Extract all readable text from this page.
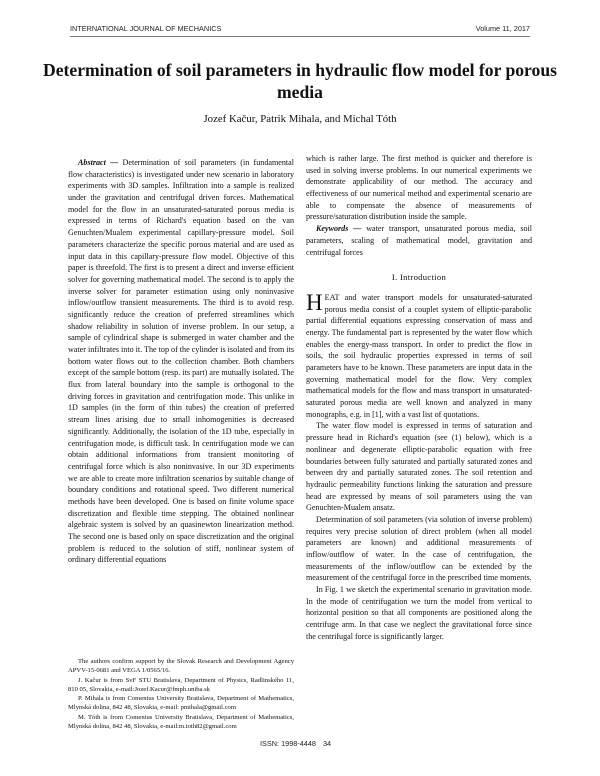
INTERNATIONAL JOURNAL OF MECHANICS	Volume 11, 2017
Determination of soil parameters in hydraulic flow model for porous media
Jozef Kačur, Patrik Mihala, and Michal Tóth

Abstract — Determination of soil parameters (in fundamental flow characteristics) is investigated under new scenario in laboratory experiments with 3D samples. Infiltration into a sample is realized under the gravitation and centrifugal driven forces. Mathematical model for the flow in an unsaturated-saturated porous media is expressed in terms of Richard's equation based on the van Genuchten/Mualem experimental capillary-pressure model. Soil parameters characterize the specific porous material and are used as input data in this capillary-pressure flow model. Objective of this paper is threefold. The first is to present a direct and inverse efficient solver for governing mathematical model. The second is to apply the inverse solver for parameter estimation using only noninvasive inflow/outflow transient measurements. The third is to avoid resp. significantly reduce the creation of preferred streamlines which shadow reliability in solution of inverse problem. In our setup, a sample of cylindrical shape is submerged in water chamber and the water infiltrates into it. The top of the cylinder is isolated and from its bottom water flows out to the collection chamber. Both chambers except of the sample bottom (resp. its part) are mutually isolated. The flux from lateral boundary into the sample is orthogonal to the driving forces in gravitation and centrifugation mode. This unlike in 1D samples (in the form of thin tubes) the creation of preferred stream lines arising due to small inhomogenities is decreased significantly. Additionally, the isolation of the 1D tube, especially in centrifugation mode, is difficult task. In centrifugation mode we can obtain additional informations from transient monitoring of centrifugal force which is also noninvasive. In our 3D experiments we are able to create more infiltration scenarios by suitable change of boundary conditions and rotational speed. Two different numerical methods have been developed. One is based on finite volume space discretization and flexible time stepping. The obtained nonlinear algebraic system is solved by an quasinewton linearization method. The second one is based only on space discretization and the original problem is reduced to the solution of stiff, nonlinear system of ordinary differential equations

The authors confirm support by the Slovak Research and Development Agency APVV-15-0681 and VEGA 1/0565/16.

J. Kačur is from SvF STU Bratislava, Department of Physics, Radlinského 11, 810 05, Slovakia, e-mail:Jozef.Kacur@fmph.uniba.sk

P. Mihala is from Comenius University Bratislava, Department of Mathematics, Mlynská dolina, 842 48, Slovakia, e-mail: pmihala@gmail.com

M. Tóth is from Comenius University Bratislava, Department of Mathematics, Mlynská dolina, 842 48, Slovakia, e-mail:m.toth82@gmail.com

which is rather large. The first method is quicker and therefore is used in solving inverse problems. In our numerical experiments we demonstrate applicability of our method. The accuracy and effectiveness of our numerical method and experimental scenario are able to compensate the absence of measurements of pressure/saturation distribution inside the sample.

Keywords — water transport, unsaturated porous media, soil parameters, scaling of mathematical model, gravitation and centrifugal forces

I. Introduction

HEAT and water transport models for unsaturated-saturated porous media consist of a couplet system of elliptic-parabolic partial differential equations expressing conservation of mass and energy. The fundamental part is represented by the water flow which enables the energy-mass transport. In order to predict the flow in soils, the soil hydraulic properties expressed in terms of soil parameters have to be known. These parameters are input data in the governing mathematical model for the flow. Very complex mathematical models for the flow and mass transport in unsaturated-saturated porous media are well known and analyzed in many monographs, e.g. in [1], with a vast list of quotations.

The water flow model is expressed in terms of saturation and pressure head in Richard's equation (see (1) below), which is a nonlinear and degenerate elliptic-parabolic equation with free boundaries between fully saturated and partially saturated zones and between dry and partially saturated zones. The soil retention and hydraulic permeability functions linking the saturation and pressure head are expressed by means of soil parameters using the van Genuchten-Mualem ansatz.

Determination of soil parameters (via solution of inverse problem) requires very precise solution of direct problem (when all model parameters are known) and additional measurements of inflow/outflow of water. In the case of centrifugation, the measurements of the inflow/outflow can be extended by the measurement of the centrifugal force in the prescribed time moments.

In Fig. 1 we sketch the experimental scenario in gravitation mode. In the mode of centrifugation we turn the model from vertical to horizontal position so that all components are positioned along the centrifuge arm. In that case we neglect the gravitational force since the centrifugal force is significantly larger.

ISSN: 1998-4448 34
